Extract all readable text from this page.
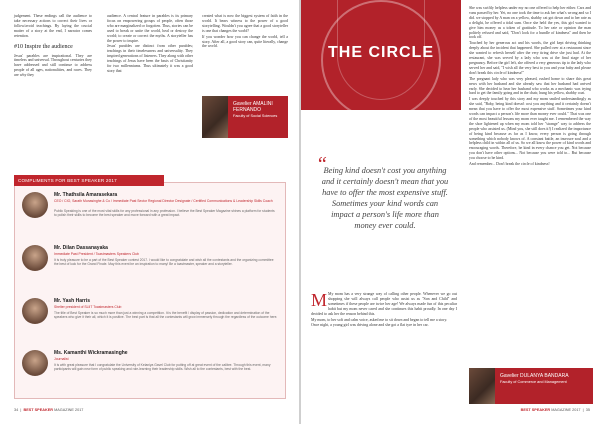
judgement. These endings call the audience to take necessary actions to correct their lives or follow/avoid teachings. By laying the crucial matter of a story at the end, I narrator comes retention.

#10 Inspire the audience

Jesus' parables are inspirational. They are timeless and universal. Throughout centuries they have addressed and still continue to address people of all ages, nationalities, and races. They are why they

audience. A central feature in parables is its primary focus on empowering groups of people, often those who are marginalized or forgotten. Thus, stories can be used to break or unite the world, heal or destroy the world; to create or correct the myths. A storyteller has the power to inspire.

Jesus' parables are distinct from other parables; teachings in their timelessness and universality. They inspired generations of listeners. They along with other teachings of Jesus have been the basis of Christianity for two millenniums. Thus ultimately it was a good story that

created what is now the biggest system of faith in the world. It bears witness to the power of a good storytelling. Wouldn't you agree that a good storyteller is one that changes the world?

If you wonder how you can change the world, tell a story. After all, a good story can, quite literally, change the world.

Gavelier AMALINI FERNANDO
Faculty of Social Sciences
COMPLIMENTS FOR BEST SPEAKER 2017
Mr. Thathsila Amarasekara
CEO / CIO, Sarath Munasinghe & Co / Immediate Past Sector Regional Director Designate / Certified Communications & Leadership Skills Coach
Public Speaking is one of the most vital skills for any professional in any profession. I believe the Best Speaker Magazine shines a platform for students to polish their skills to become the best speaker and move forward with a great impact.
Mr. Dilan Dassanayaka
Immediate Past President / Toastmasters Speakers Club
It is truly pleasure to be a part of the Best Speaker contest 2017. I would like to congratulate and wish all the contestants and the organizing committee the best of luck for the Grand Finale. May this event be an inspiration to many! Be a toastmaster, speaker and a storyteller.
Mr. Yash Harris
Shelter president of SLIIT Toastmasters Club
The title of Best Speaker is so much more than just a winning a competition. It is the benefit / display of passion, dedication and determination of the speakers who give it their all, which it is positive. The best part is that all the contestants will grow immensely through the regardless of the outcome here.
Ms. Kamanthi Wickramasinghe
Journalist
It is with great pleasure that I congratulate the University of Kelaniya Gavel Club for putting off at great event of the calibre. Through this event, many participants will gain new form of public speaking and role-learning their leadership skills. Wish all to the contestants, best with the best.
34  |  BEST SPEAKER MAGAZINE 2017
THE CIRCLE
“
Being kind doesn't cost you anything and it certainly doesn't mean that you have to offer the most expensive stuff. Sometimes your kind words can impact a person's life more than money ever could.

M My mom has a very strange way of calling other people. Whenever we go out shopping she will always call people who assist us as "Son and Child" and sometimes if these people are twice her age! We always made fun of this peculiar habit but my mom never cared and she continues this habit proudly. In one day I decided to ask her the reason behind this.

My mom, to her soft and calm voice, asked me to sit down and began to tell me a story.

Once night, a young girl was driving alone and she got a flat tyre in her car.

She was swiftly helpless under my no one offered to help her either. Cars and vans passed by her. Yet, no one took the time to ask her what's wrong and so I did. we stopped by A man on a yellow, shabby cat got down and to her rate as a delight, he offered a tidal sum. Once she held the yes, this girl wanted to give him money as a token of gratitude. To her rate or opinion the man politely refused and said, "Don't look for a bundle of kindness" and then he took off.

Touched by her generous act and his words, the girl kept driving thinking deeply about the incident that happened. She pulled over at a restaurant since she wanted to refresh herself after the very tiring drive she just had. At the restaurant, she was served by a lady who was at the final stage of her pregnancy. Before the girl left, she offered a very generous tip to the lady who served her and said, "I wish all the very best to you and your baby and please don't break this circle of kindness!"

The pregnant lady who was very pleased, rushed home to share this great news with her husband and she already saw that her husband had arrived early. She decided to hear her husband who works as a mechanic was trying hard to get the family going and in the chair, hung his yellow, shabby coat.

I was deeply touched by this story and my mom smiled understandingly as she said, "Baby, being kind doesn't cost you anything and it certainly doesn't mean that you have to offer the most expensive stuff. Sometimes your kind words can impact a person's life more than money ever could." That was one of the most beautiful lessons my mom ever taught me. I remembered the way the shoe lightened up when my mom told her "strange" way to address the people who assisted us. (Mind you, she still does it!) I realized the importance of being kind because as far as I know, every person is going through something which nobody knows of. A constant battle, an insecure soul and a helpless child in within all of us. So we all know the power of kind words and encouraging words. Therefore, be kind in every chance you get. Not because you don't have other options... Not because you were told to... But because you choose to be kind.

And remember... Don't break the circle of kindness!

Gavelier DULANYA BANDARA
Faculty of Commerce and Management
BEST SPEAKER MAGAZINE 2017  |  35
